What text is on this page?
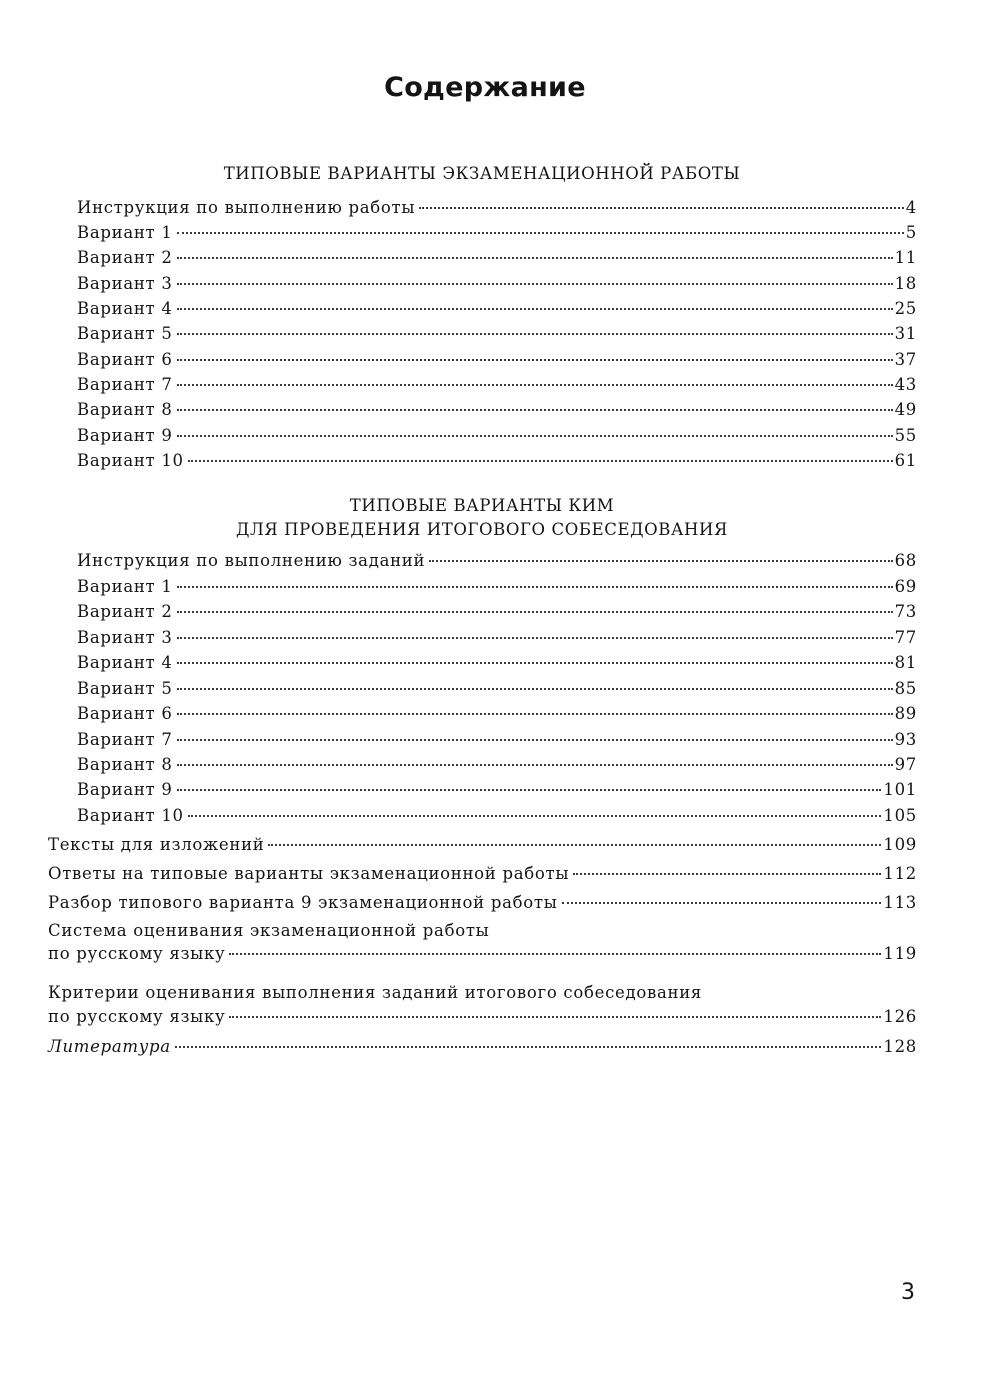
Содержание
ТИПОВЫЕ ВАРИАНТЫ ЭКЗАМЕНАЦИОННОЙ РАБОТЫ
Инструкция по выполнению работы	4
Вариант 1	5
Вариант 2	11
Вариант 3	18
Вариант 4	25
Вариант 5	31
Вариант 6	37
Вариант 7	43
Вариант 8	49
Вариант 9	55
Вариант 10	61
ТИПОВЫЕ ВАРИАНТЫ КИМ
ДЛЯ ПРОВЕДЕНИЯ ИТОГОВОГО СОБЕСЕДОВАНИЯ
Инструкция по выполнению заданий	68
Вариант 1	69
Вариант 2	73
Вариант 3	77
Вариант 4	81
Вариант 5	85
Вариант 6	89
Вариант 7	93
Вариант 8	97
Вариант 9	101
Вариант 10	105
Тексты для изложений	109
Ответы на типовые варианты экзаменационной работы	112
Разбор типового варианта 9 экзаменационной работы	113
Система оценивания экзаменационной работы
по русскому языку	119
Критерии оценивания выполнения заданий итогового собеседования
по русскому языку	126
Литература	128
3
